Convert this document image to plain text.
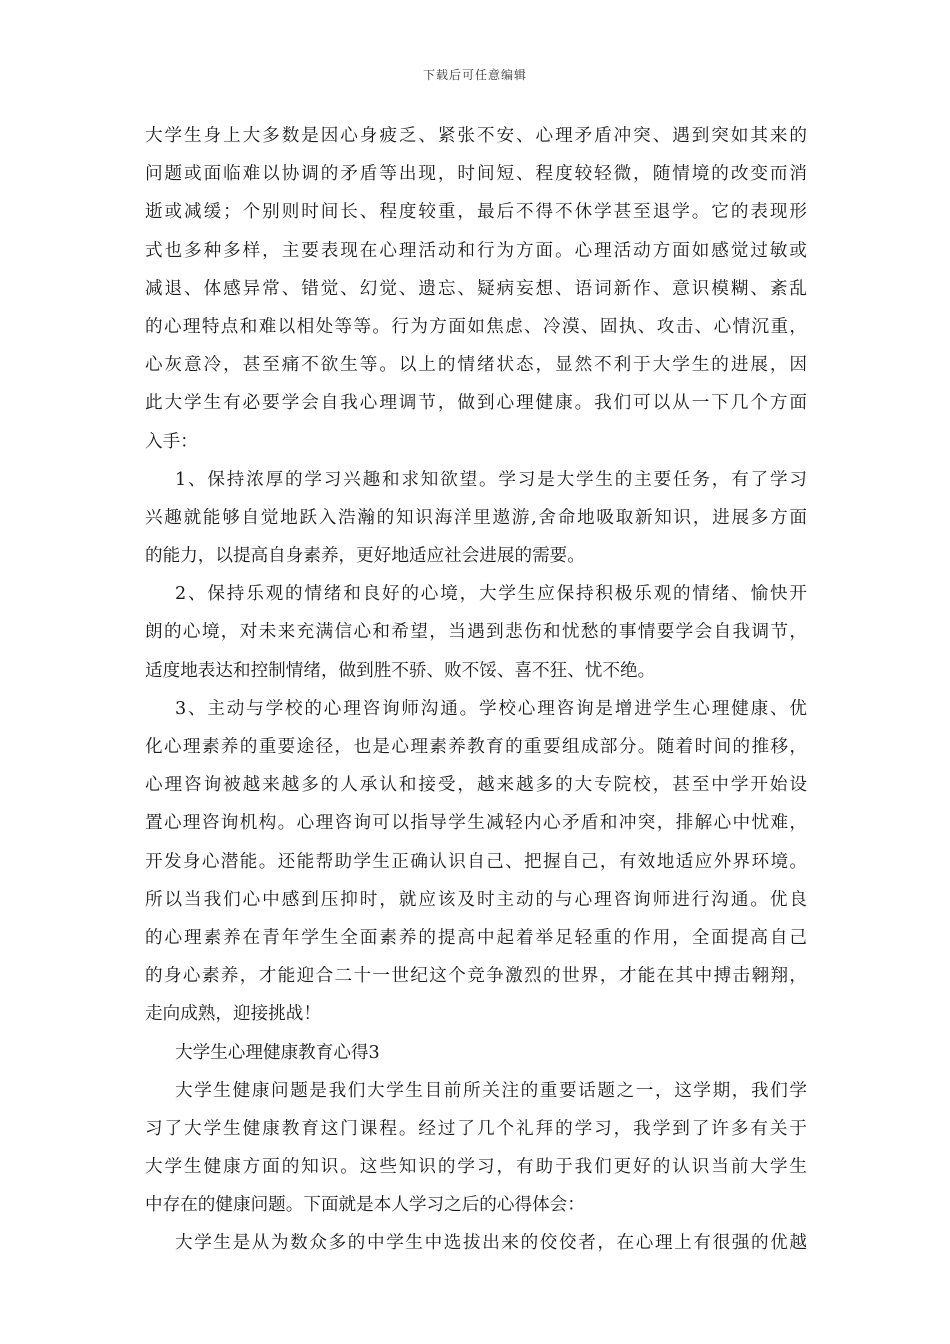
下载后可任意编辑
大学生身上大多数是因心身疲乏、紧张不安、心理矛盾冲突、遇到突如其来的
问题或面临难以协调的矛盾等出现，时间短、程度较轻微，随情境的改变而消
逝或减缓；个别则时间长、程度较重，最后不得不休学甚至退学。它的表现形
式也多种多样，主要表现在心理活动和行为方面。心理活动方面如感觉过敏或
减退、体感异常、错觉、幻觉、遗忘、疑病妄想、语词新作、意识模糊、紊乱
的心理特点和难以相处等等。行为方面如焦虑、冷漠、固执、攻击、心情沉重，
心灰意冷，甚至痛不欲生等。以上的情绪状态，显然不利于大学生的进展，因
此大学生有必要学会自我心理调节，做到心理健康。我们可以从一下几个方面
入手：
1、保持浓厚的学习兴趣和求知欲望。学习是大学生的主要任务，有了学习
兴趣就能够自觉地跃入浩瀚的知识海洋里遨游,舍命地吸取新知识，进展多方面
的能力，以提高自身素养，更好地适应社会进展的需要。
2、保持乐观的情绪和良好的心境，大学生应保持积极乐观的情绪、愉快开
朗的心境，对未来充满信心和希望，当遇到悲伤和忧愁的事情要学会自我调节，
适度地表达和控制情绪，做到胜不骄、败不馁、喜不狂、忧不绝。
3、主动与学校的心理咨询师沟通。学校心理咨询是增进学生心理健康、优
化心理素养的重要途径，也是心理素养教育的重要组成部分。随着时间的推移，
心理咨询被越来越多的人承认和接受，越来越多的大专院校，甚至中学开始设
置心理咨询机构。心理咨询可以指导学生减轻内心矛盾和冲突，排解心中忧难，
开发身心潜能。还能帮助学生正确认识自己、把握自己，有效地适应外界环境。
所以当我们心中感到压抑时，就应该及时主动的与心理咨询师进行沟通。优良
的心理素养在青年学生全面素养的提高中起着举足轻重的作用，全面提高自己
的身心素养，才能迎合二十一世纪这个竞争激烈的世界，才能在其中搏击翱翔，
走向成熟，迎接挑战！
大学生心理健康教育心得3
大学生健康问题是我们大学生目前所关注的重要话题之一，这学期，我们学
习了大学生健康教育这门课程。经过了几个礼拜的学习，我学到了许多有关于
大学生健康方面的知识。这些知识的学习，有助于我们更好的认识当前大学生
中存在的健康问题。下面就是本人学习之后的心得体会：
大学生是从为数众多的中学生中选拔出来的佼佼者，在心理上有很强的优越
